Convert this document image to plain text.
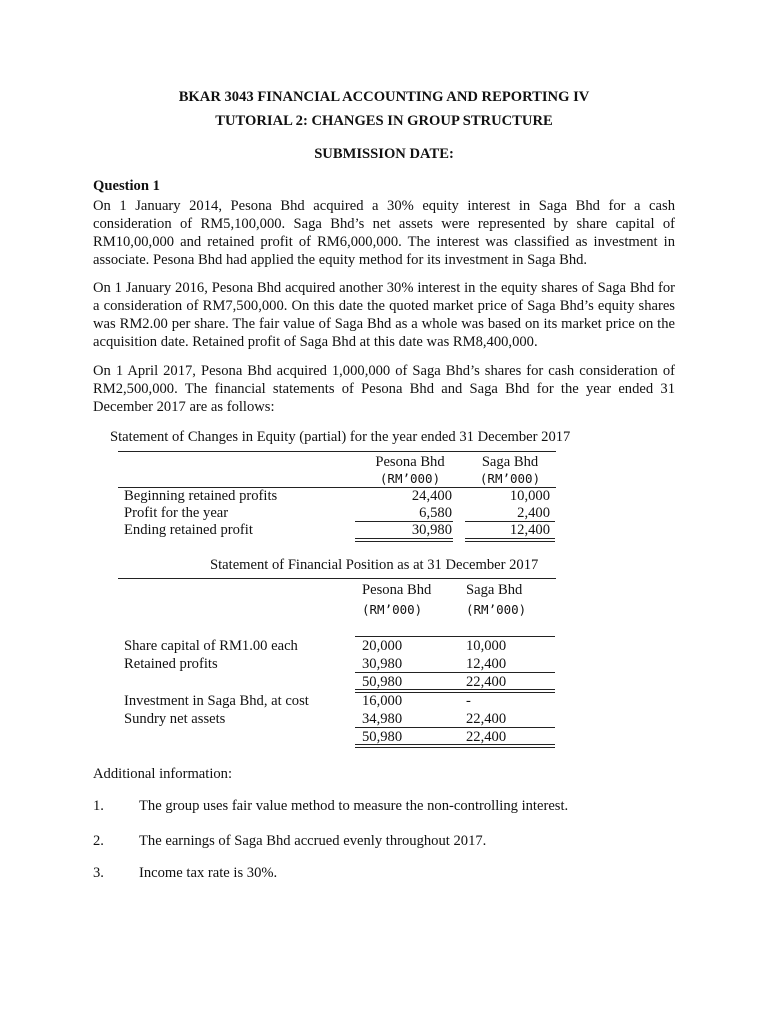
BKAR 3043 FINANCIAL ACCOUNTING AND REPORTING IV
TUTORIAL 2: CHANGES IN GROUP STRUCTURE
SUBMISSION DATE:
Question 1
On 1 January 2014, Pesona Bhd acquired a 30% equity interest in Saga Bhd for a cash consideration of RM5,100,000. Saga Bhd’s net assets were represented by share capital of RM10,00,000 and retained profit of RM6,000,000. The interest was classified as investment in associate. Pesona Bhd had applied the equity method for its investment in Saga Bhd.
On 1 January 2016, Pesona Bhd acquired another 30% interest in the equity shares of Saga Bhd for a consideration of RM7,500,000. On this date the quoted market price of Saga Bhd’s equity shares was RM2.00 per share. The fair value of Saga Bhd as a whole was based on its market price on the acquisition date. Retained profit of Saga Bhd at this date was RM8,400,000.
On 1 April 2017, Pesona Bhd acquired 1,000,000 of Saga Bhd’s shares for cash consideration of RM2,500,000. The financial statements of Pesona Bhd and Saga Bhd for the year ended 31 December 2017 are as follows:
Statement of Changes in Equity (partial) for the year ended 31 December 2017
Pesona Bhd	Saga Bhd
(RM’000)	(RM’000)
Beginning retained profits	24,400	10,000
Profit for the year	6,580	2,400
Ending retained profit	30,980	12,400
Statement of Financial Position as at 31 December 2017
Pesona Bhd Saga Bhd
(RM’000)	(RM’000)
Share capital of RM1.00 each	20,000	10,000
Retained profits	30,980	12,400
50,980	22,400
Investment in Saga Bhd, at cost	16,000	-
Sundry net assets	34,980	22,400
50,980	22,400
Additional information:
1. The group uses fair value method to measure the non-controlling interest.
2. The earnings of Saga Bhd accrued evenly throughout 2017.
3. Income tax rate is 30%.
